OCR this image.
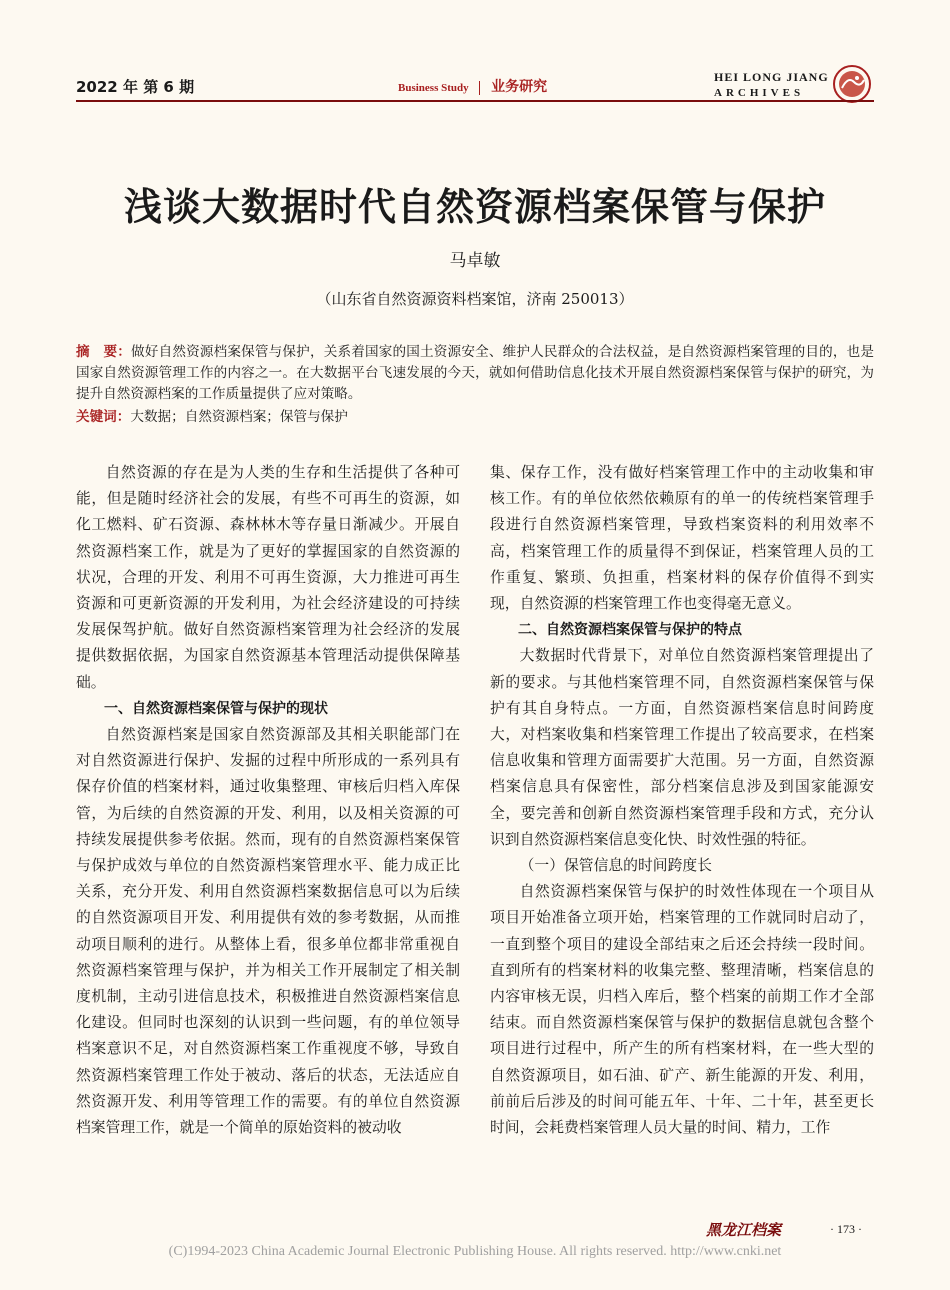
2022 年 第 6 期	Business Study 业务研究
HEI LONG JIANG
ARCHIVES
浅谈大数据时代自然资源档案保管与保护
马卓敏
（山东省自然资源资料档案馆，济南 250013）
摘　要：做好自然资源档案保管与保护，关系着国家的国土资源安全、维护人民群众的合法权益，是自然资源档案管理的目的，也是国家自然资源管理工作的内容之一。在大数据平台飞速发展的今天，就如何借助信息化技术开展自然资源档案保管与保护的研究，为提升自然资源档案的工作质量提供了应对策略。
关键词：大数据；自然资源档案；保管与保护

自然资源的存在是为人类的生存和生活提供了各种可能，但是随时经济社会的发展，有些不可再生的资源，如化工燃料、矿石资源、森林林木等存量日渐减少。开展自然资源档案工作，就是为了更好的掌握国家的自然资源的状况，合理的开发、利用不可再生资源，大力推进可再生资源和可更新资源的开发利用，为社会经济建设的可持续发展保驾护航。做好自然资源档案管理为社会经济的发展提供数据依据，为国家自然资源基本管理活动提供保障基础。

一、自然资源档案保管与保护的现状

自然资源档案是国家自然资源部及其相关职能部门在对自然资源进行保护、发掘的过程中所形成的一系列具有保存价值的档案材料，通过收集整理、审核后归档入库保管，为后续的自然资源的开发、利用，以及相关资源的可持续发展提供参考依据。然而，现有的自然资源档案保管与保护成效与单位的自然资源档案管理水平、能力成正比关系，充分开发、利用自然资源档案数据信息可以为后续的自然资源项目开发、利用提供有效的参考数据，从而推动项目顺利的进行。从整体上看，很多单位都非常重视自然资源档案管理与保护，并为相关工作开展制定了相关制度机制，主动引进信息技术，积极推进自然资源档案信息化建设。但同时也深刻的认识到一些问题，有的单位领导档案意识不足，对自然资源档案工作重视度不够，导致自然资源档案管理工作处于被动、落后的状态，无法适应自然资源开发、利用等管理工作的需要。有的单位自然资源档案管理工作，就是一个简单的原始资料的被动收

集、保存工作，没有做好档案管理工作中的主动收集和审核工作。有的单位依然依赖原有的单一的传统档案管理手段进行自然资源档案管理，导致档案资料的利用效率不高，档案管理工作的质量得不到保证，档案管理人员的工作重复、繁琐、负担重，档案材料的保存价值得不到实现，自然资源的档案管理工作也变得毫无意义。

二、自然资源档案保管与保护的特点

大数据时代背景下，对单位自然资源档案管理提出了新的要求。与其他档案管理不同，自然资源档案保管与保护有其自身特点。一方面，自然资源档案信息时间跨度大，对档案收集和档案管理工作提出了较高要求，在档案信息收集和管理方面需要扩大范围。另一方面，自然资源档案信息具有保密性，部分档案信息涉及到国家能源安全，要完善和创新自然资源档案管理手段和方式，充分认识到自然资源档案信息变化快、时效性强的特征。

（一）保管信息的时间跨度长

自然资源档案保管与保护的时效性体现在一个项目从项目开始准备立项开始，档案管理的工作就同时启动了，一直到整个项目的建设全部结束之后还会持续一段时间。直到所有的档案材料的收集完整、整理清晰，档案信息的内容审核无误，归档入库后，整个档案的前期工作才全部结束。而自然资源档案保管与保护的数据信息就包含整个项目进行过程中，所产生的所有档案材料，在一些大型的自然资源项目，如石油、矿产、新生能源的开发、利用，前前后后涉及的时间可能五年、十年、二十年，甚至更长时间，会耗费档案管理人员大量的时间、精力，工作

黑龙江档案	· 173 ·
(C)1994-2023 China Academic Journal Electronic Publishing House. All rights reserved. http://www.cnki.net
